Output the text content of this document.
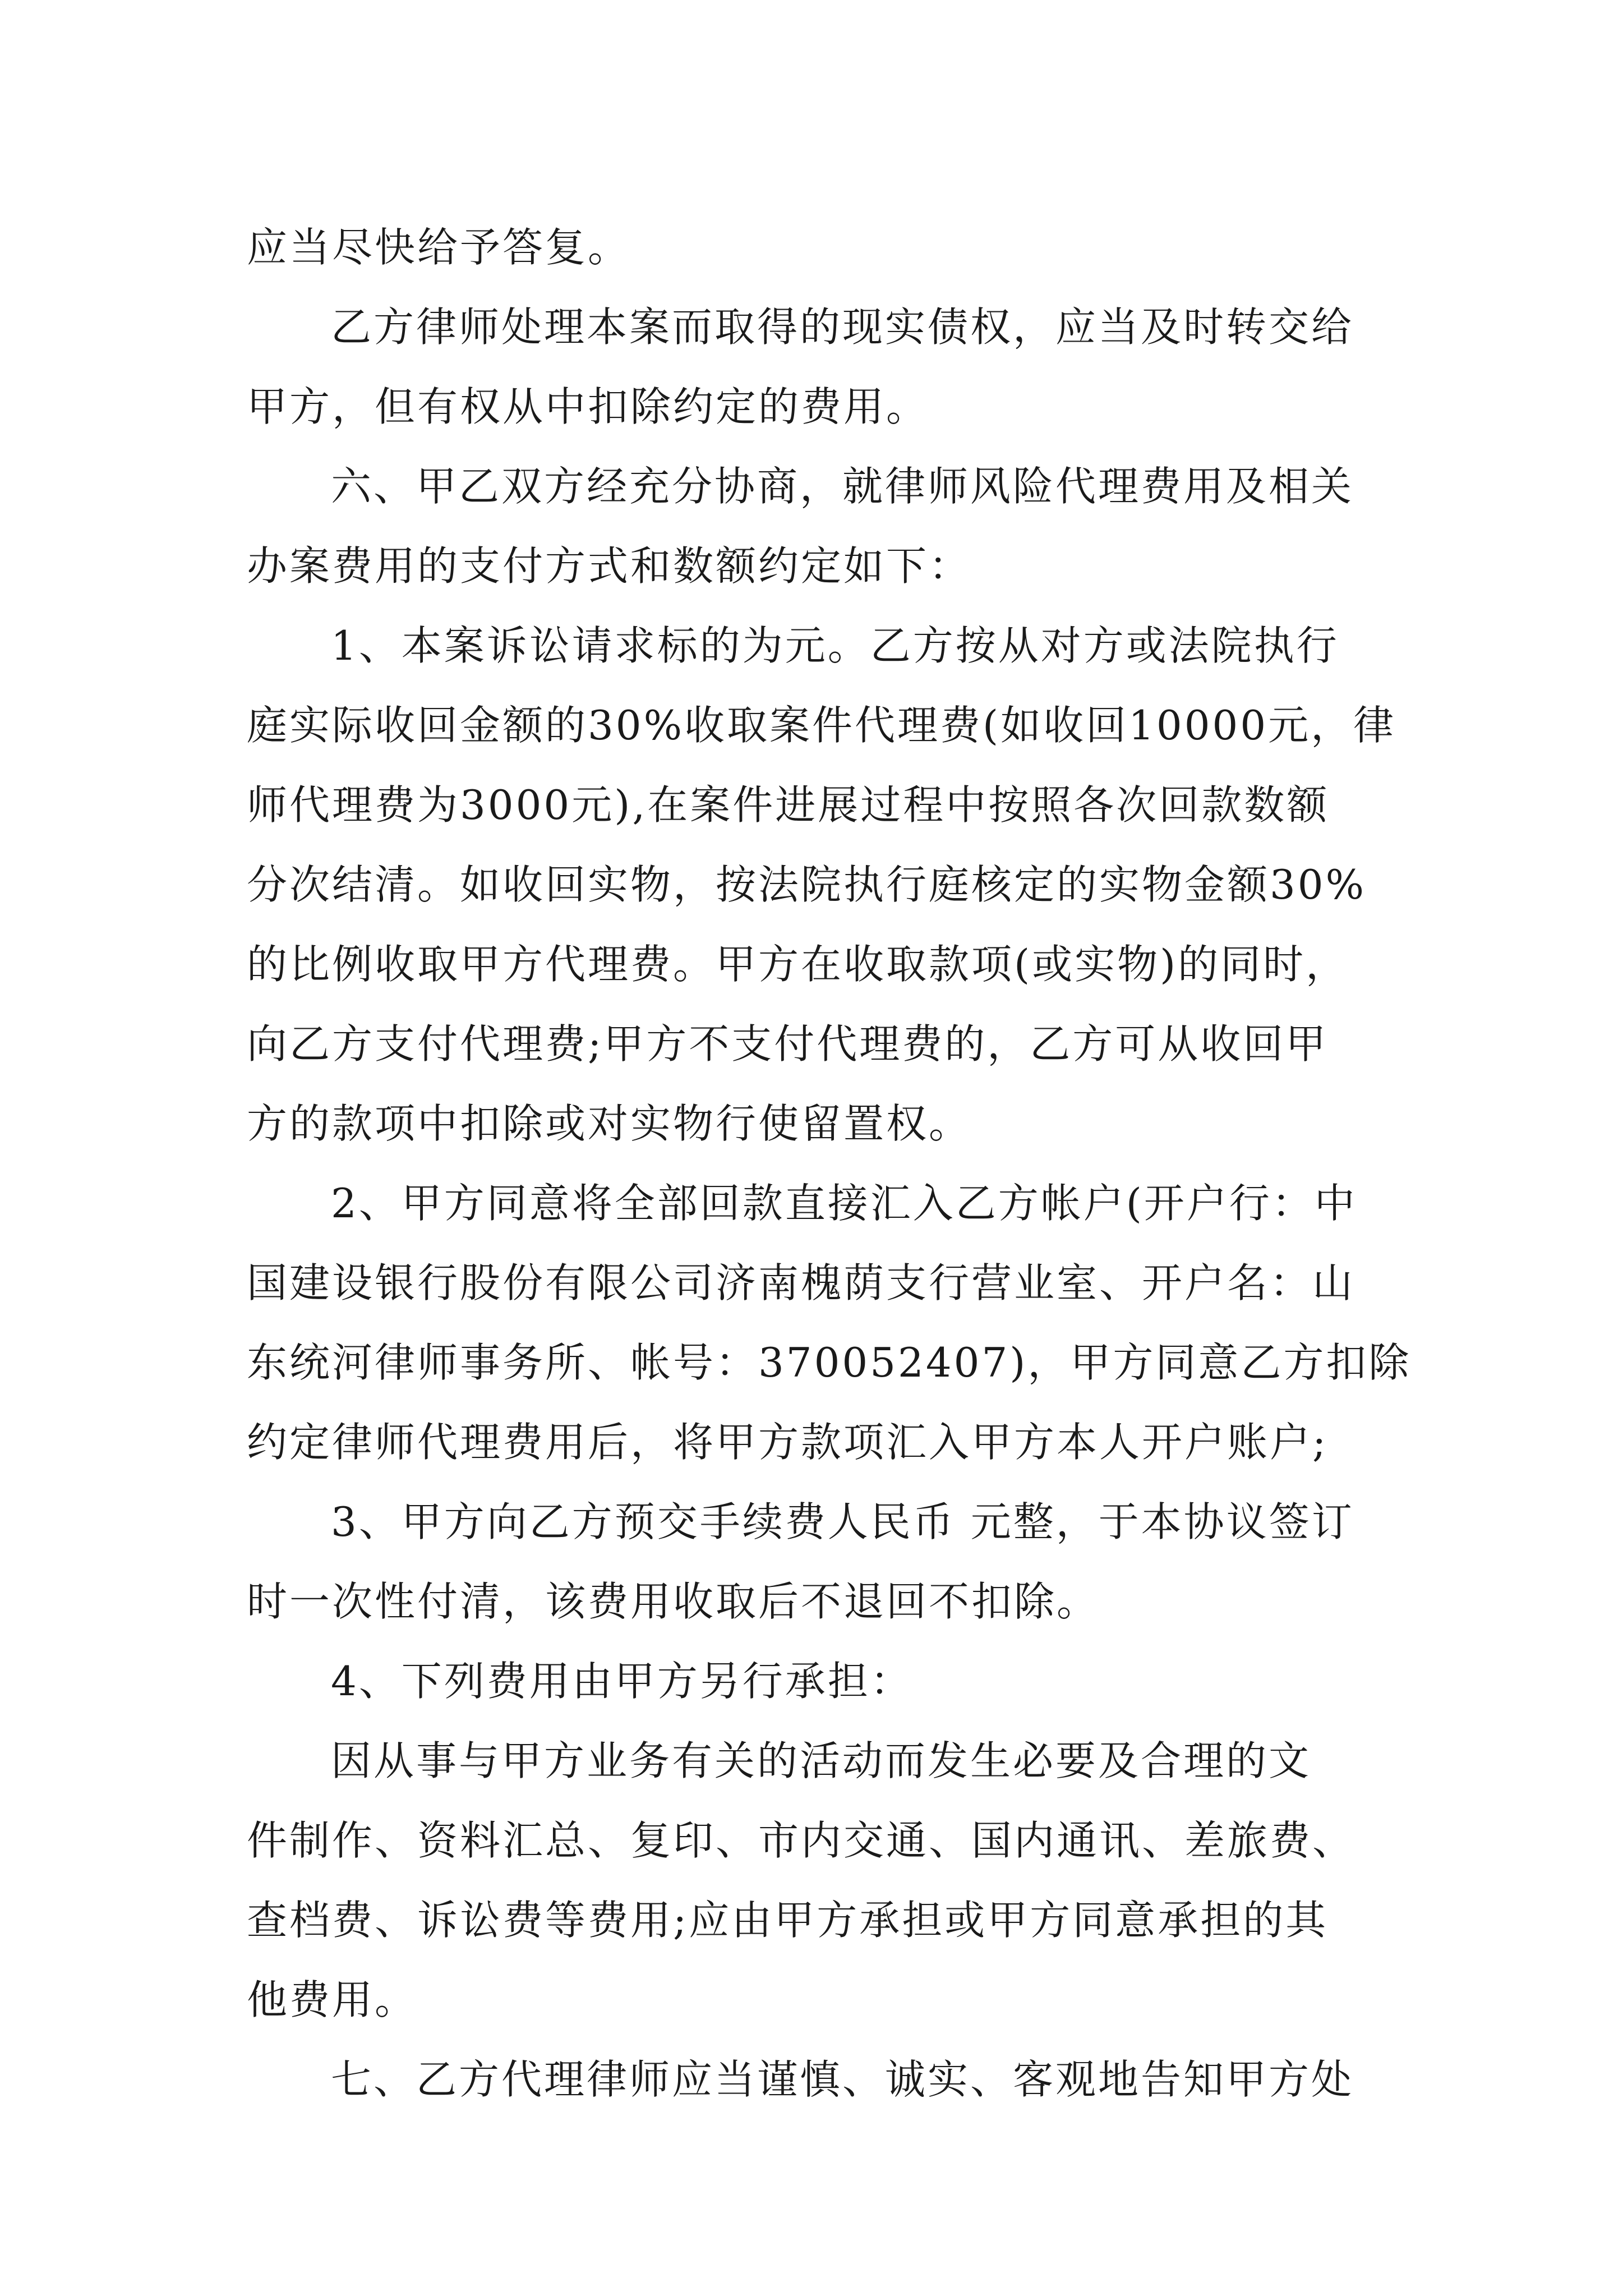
应当尽快给予答复。
乙方律师处理本案而取得的现实债权，应当及时转交给
甲方，但有权从中扣除约定的费用。
六、甲乙双方经充分协商，就律师风险代理费用及相关
办案费用的支付方式和数额约定如下：
1、本案诉讼请求标的为元。乙方按从对方或法院执行
庭实际收回金额的30%收取案件代理费(如收回10000元，律
师代理费为3000元),在案件进展过程中按照各次回款数额
分次结清。如收回实物，按法院执行庭核定的实物金额30%
的比例收取甲方代理费。甲方在收取款项(或实物)的同时，
向乙方支付代理费;甲方不支付代理费的，乙方可从收回甲
方的款项中扣除或对实物行使留置权。
2、甲方同意将全部回款直接汇入乙方帐户(开户行：中
国建设银行股份有限公司济南槐荫支行营业室、开户名：山
东统河律师事务所、帐号：370052407)，甲方同意乙方扣除
约定律师代理费用后，将甲方款项汇入甲方本人开户账户;
3、甲方向乙方预交手续费人民币 元整，于本协议签订
时一次性付清，该费用收取后不退回不扣除。
4、下列费用由甲方另行承担：
因从事与甲方业务有关的活动而发生必要及合理的文
件制作、资料汇总、复印、市内交通、国内通讯、差旅费、
查档费、诉讼费等费用;应由甲方承担或甲方同意承担的其
他费用。
七、乙方代理律师应当谨慎、诚实、客观地告知甲方处
